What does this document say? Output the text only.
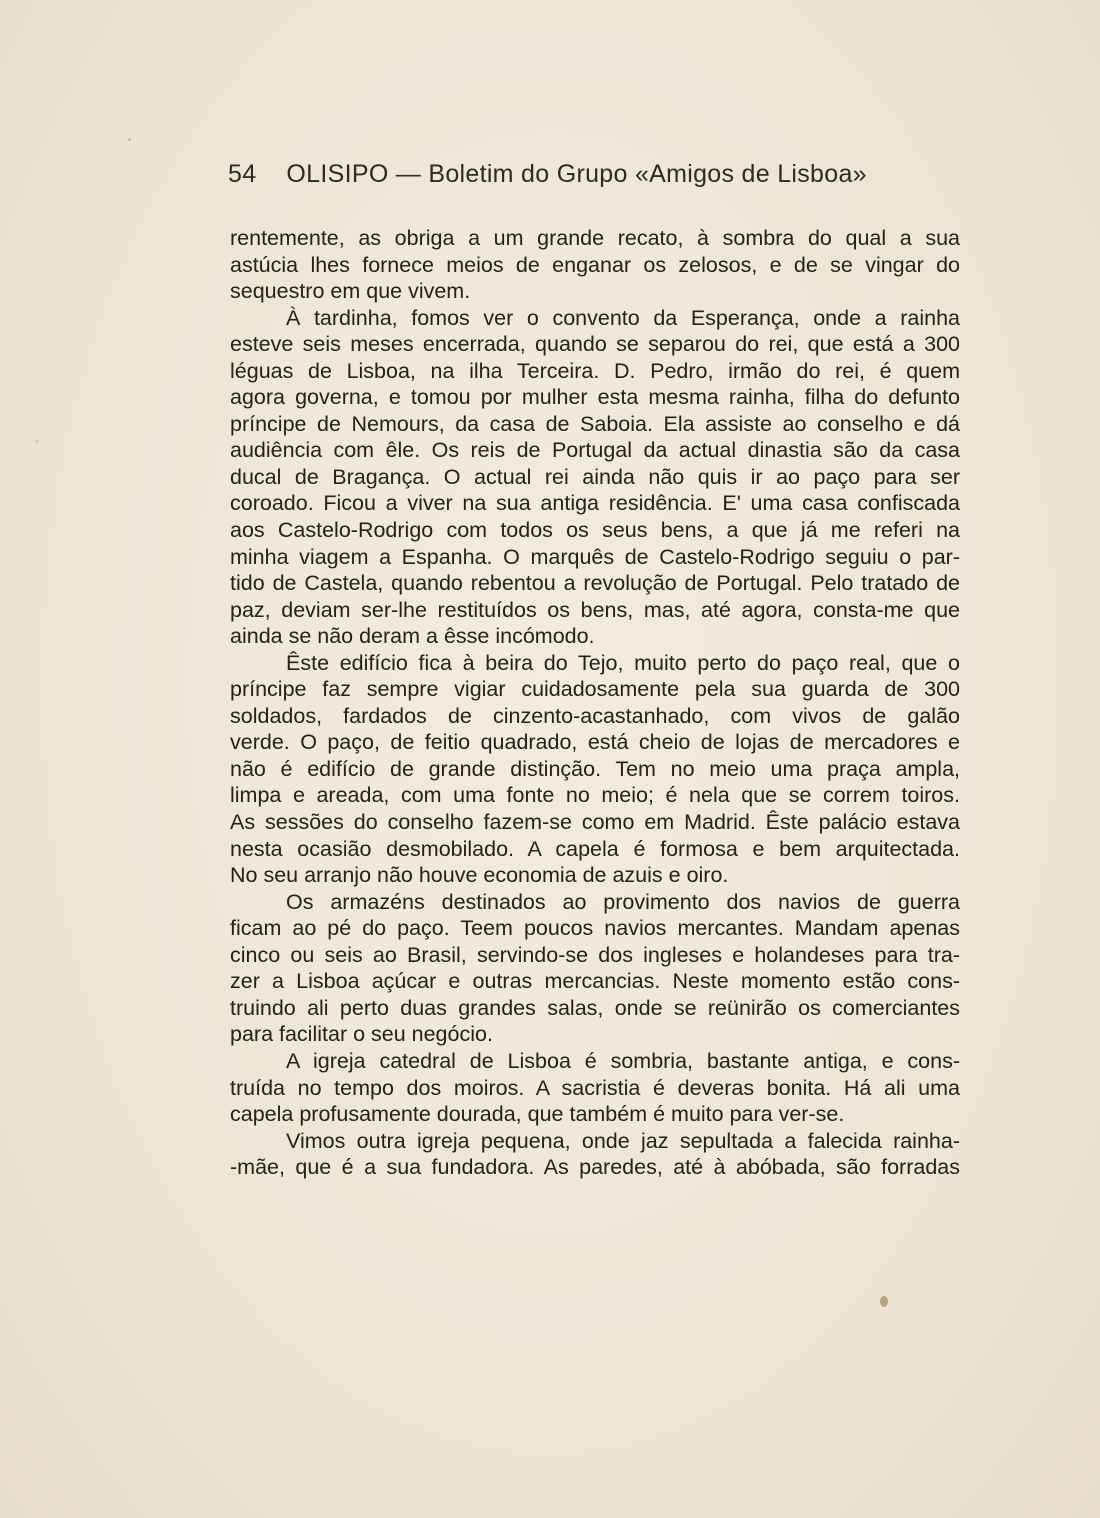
54 OLISIPO — Boletim do Grupo «Amigos de Lisboa»
rentemente, as obriga a um grande recato, à sombra do qual a sua
astúcia lhes fornece meios de enganar os zelosos, e de se vingar do
sequestro em que vivem.
À tardinha, fomos ver o convento da Esperança, onde a rainha
esteve seis meses encerrada, quando se separou do rei, que está a 300
léguas de Lisboa, na ilha Terceira. D. Pedro, irmão do rei, é quem
agora governa, e tomou por mulher esta mesma rainha, filha do defunto
príncipe de Nemours, da casa de Saboia. Ela assiste ao conselho e dá
audiência com êle. Os reis de Portugal da actual dinastia são da casa
ducal de Bragança. O actual rei ainda não quis ir ao paço para ser
coroado. Ficou a viver na sua antiga residência. E' uma casa confiscada
aos Castelo-Rodrigo com todos os seus bens, a que já me referi na
minha viagem a Espanha. O marquês de Castelo-Rodrigo seguiu o par-
tido de Castela, quando rebentou a revolução de Portugal. Pelo tratado de
paz, deviam ser-lhe restituídos os bens, mas, até agora, consta-me que
ainda se não deram a êsse incómodo.
Êste edifício fica à beira do Tejo, muito perto do paço real, que o
príncipe faz sempre vigiar cuidadosamente pela sua guarda de 300
soldados, fardados de cinzento-acastanhado, com vivos de galão
verde. O paço, de feitio quadrado, está cheio de lojas de mercadores e
não é edifício de grande distinção. Tem no meio uma praça ampla,
limpa e areada, com uma fonte no meio; é nela que se correm toiros.
As sessões do conselho fazem-se como em Madrid. Êste palácio estava
nesta ocasião desmobilado. A capela é formosa e bem arquitectada.
No seu arranjo não houve economia de azuis e oiro.
Os armazéns destinados ao provimento dos navios de guerra
ficam ao pé do paço. Teem poucos navios mercantes. Mandam apenas
cinco ou seis ao Brasil, servindo-se dos ingleses e holandeses para tra-
zer a Lisboa açúcar e outras mercancias. Neste momento estão cons-
truindo ali perto duas grandes salas, onde se reünirão os comerciantes
para facilitar o seu negócio.
A igreja catedral de Lisboa é sombria, bastante antiga, e cons-
truída no tempo dos moiros. A sacristia é deveras bonita. Há ali uma
capela profusamente dourada, que também é muito para ver-se.
Vimos outra igreja pequena, onde jaz sepultada a falecida rainha-
-mãe, que é a sua fundadora. As paredes, até à abóbada, são forradas
